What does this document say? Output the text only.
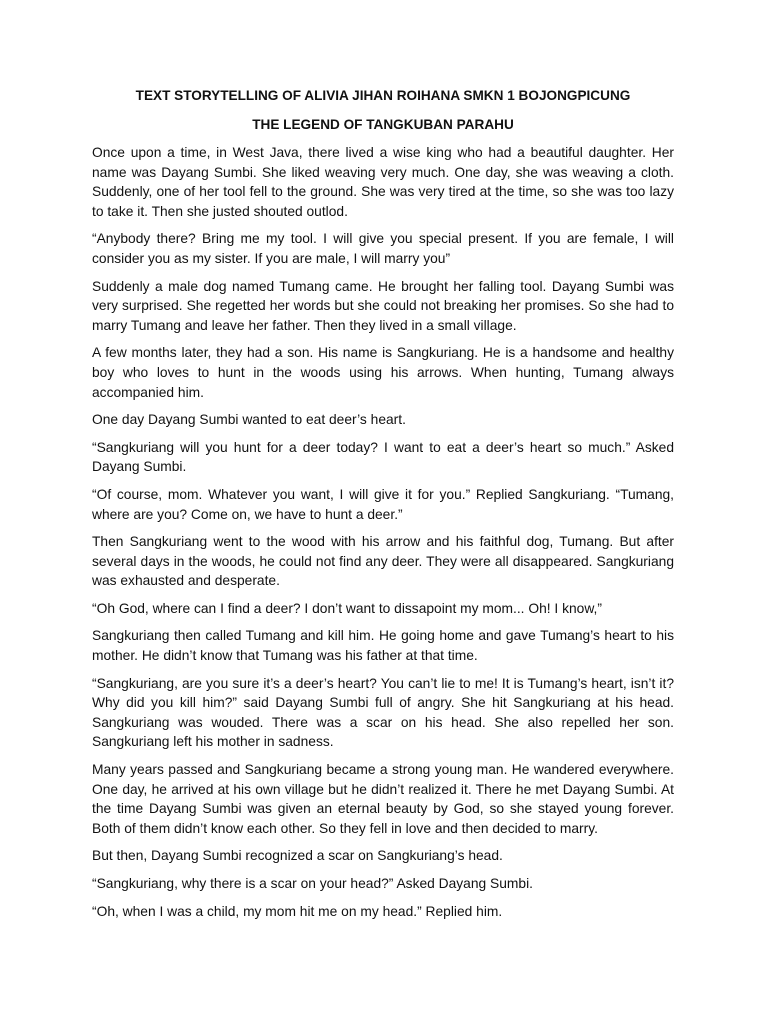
TEXT STORYTELLING OF ALIVIA JIHAN ROIHANA SMKN 1 BOJONGPICUNG
THE LEGEND OF TANGKUBAN PARAHU

Once upon a time, in West Java, there lived a wise king who had a beautiful daughter. Her name was Dayang Sumbi. She liked weaving very much. One day, she was weaving a cloth. Suddenly, one of her tool fell to the ground. She was very tired at the time, so she was too lazy to take it. Then she justed shouted outlod.

“Anybody there? Bring me my tool. I will give you special present. If you are female, I will consider you as my sister. If you are male, I will marry you”

Suddenly a male dog named Tumang came. He brought her falling tool. Dayang Sumbi was very surprised. She regetted her words but she could not breaking her promises. So she had to marry Tumang and leave her father. Then they lived in a small village.

A few months later, they had a son. His name is Sangkuriang. He is a handsome and healthy boy who loves to hunt in the woods using his arrows. When hunting, Tumang always accompanied him.

One day Dayang Sumbi wanted to eat deer’s heart.

“Sangkuriang will you hunt for a deer today? I want to eat a deer’s heart so much.” Asked Dayang Sumbi.

“Of course, mom. Whatever you want, I will give it for you.” Replied Sangkuriang. “Tumang, where are you? Come on, we have to hunt a deer.”

Then Sangkuriang went to the wood with his arrow and his faithful dog, Tumang. But after several days in the woods, he could not find any deer. They were all disappeared. Sangkuriang was exhausted and desperate.

“Oh God, where can I find a deer? I don’t want to dissapoint my mom... Oh! I know,”

Sangkuriang then called Tumang and kill him. He going home and gave Tumang’s heart to his mother. He didn’t know that Tumang was his father at that time.

“Sangkuriang, are you sure it’s a deer’s heart? You can’t lie to me! It is Tumang’s heart, isn’t it? Why did you kill him?” said Dayang Sumbi full of angry. She hit Sangkuriang at his head. Sangkuriang was wouded. There was a scar on his head. She also repelled her son. Sangkuriang left his mother in sadness.

Many years passed and Sangkuriang became a strong young man. He wandered everywhere. One day, he arrived at his own village but he didn’t realized it. There he met Dayang Sumbi. At the time Dayang Sumbi was given an eternal beauty by God, so she stayed young forever. Both of them didn’t know each other. So they fell in love and then decided to marry.

But then, Dayang Sumbi recognized a scar on Sangkuriang’s head.

“Sangkuriang, why there is a scar on your head?” Asked Dayang Sumbi.

“Oh, when I was a child, my mom hit me on my head.” Replied him.
